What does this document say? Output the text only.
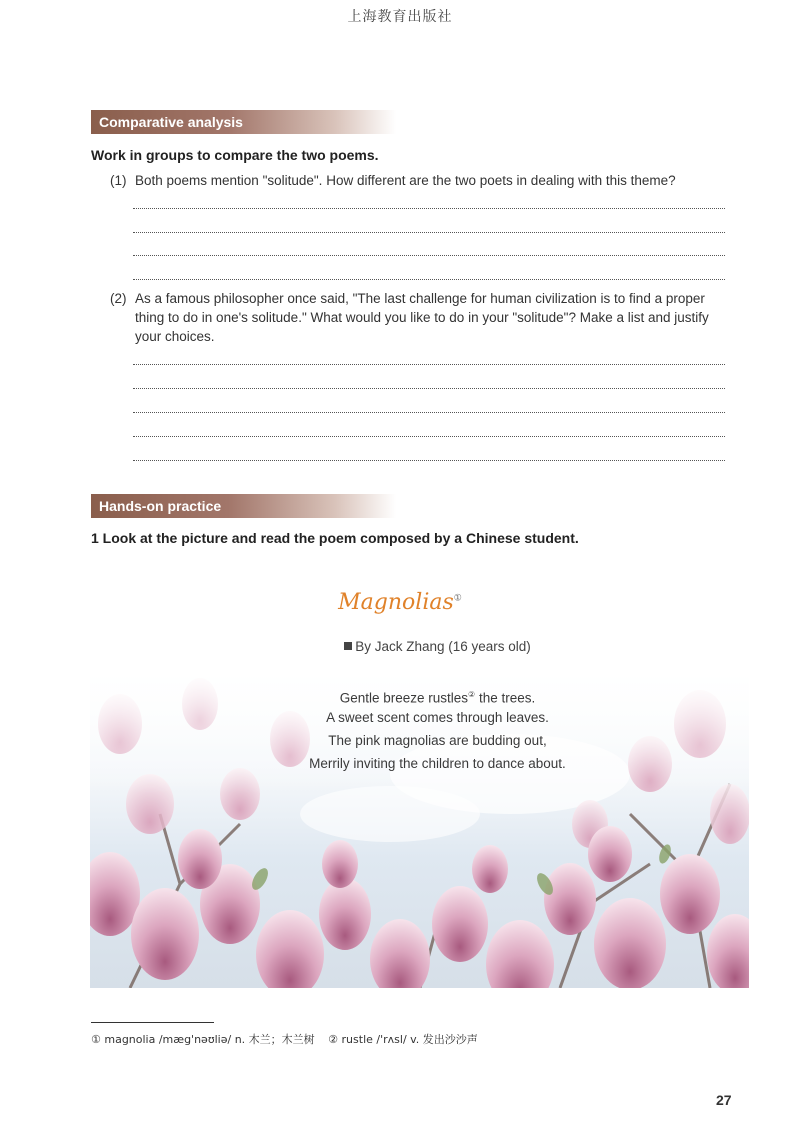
上海教育出版社
Comparative analysis
Work in groups to compare the two poems.
(1) Both poems mention "solitude". How different are the two poets in dealing with this theme?
(2) As a famous philosopher once said, "The last challenge for human civilization is to find a proper thing to do in one's solitude." What would you like to do in your "solitude"? Make a list and justify your choices.
Hands-on practice
1 Look at the picture and read the poem composed by a Chinese student.
Magnolias①
By Jack Zhang (16 years old)
Gentle breeze rustles② the trees.
A sweet scent comes through leaves.
The pink magnolias are budding out,
Merrily inviting the children to dance about.
① magnolia /mæg'nəʊliə/ n. 木兰；木兰树 ② rustle /'rʌsl/ v. 发出沙沙声
27
